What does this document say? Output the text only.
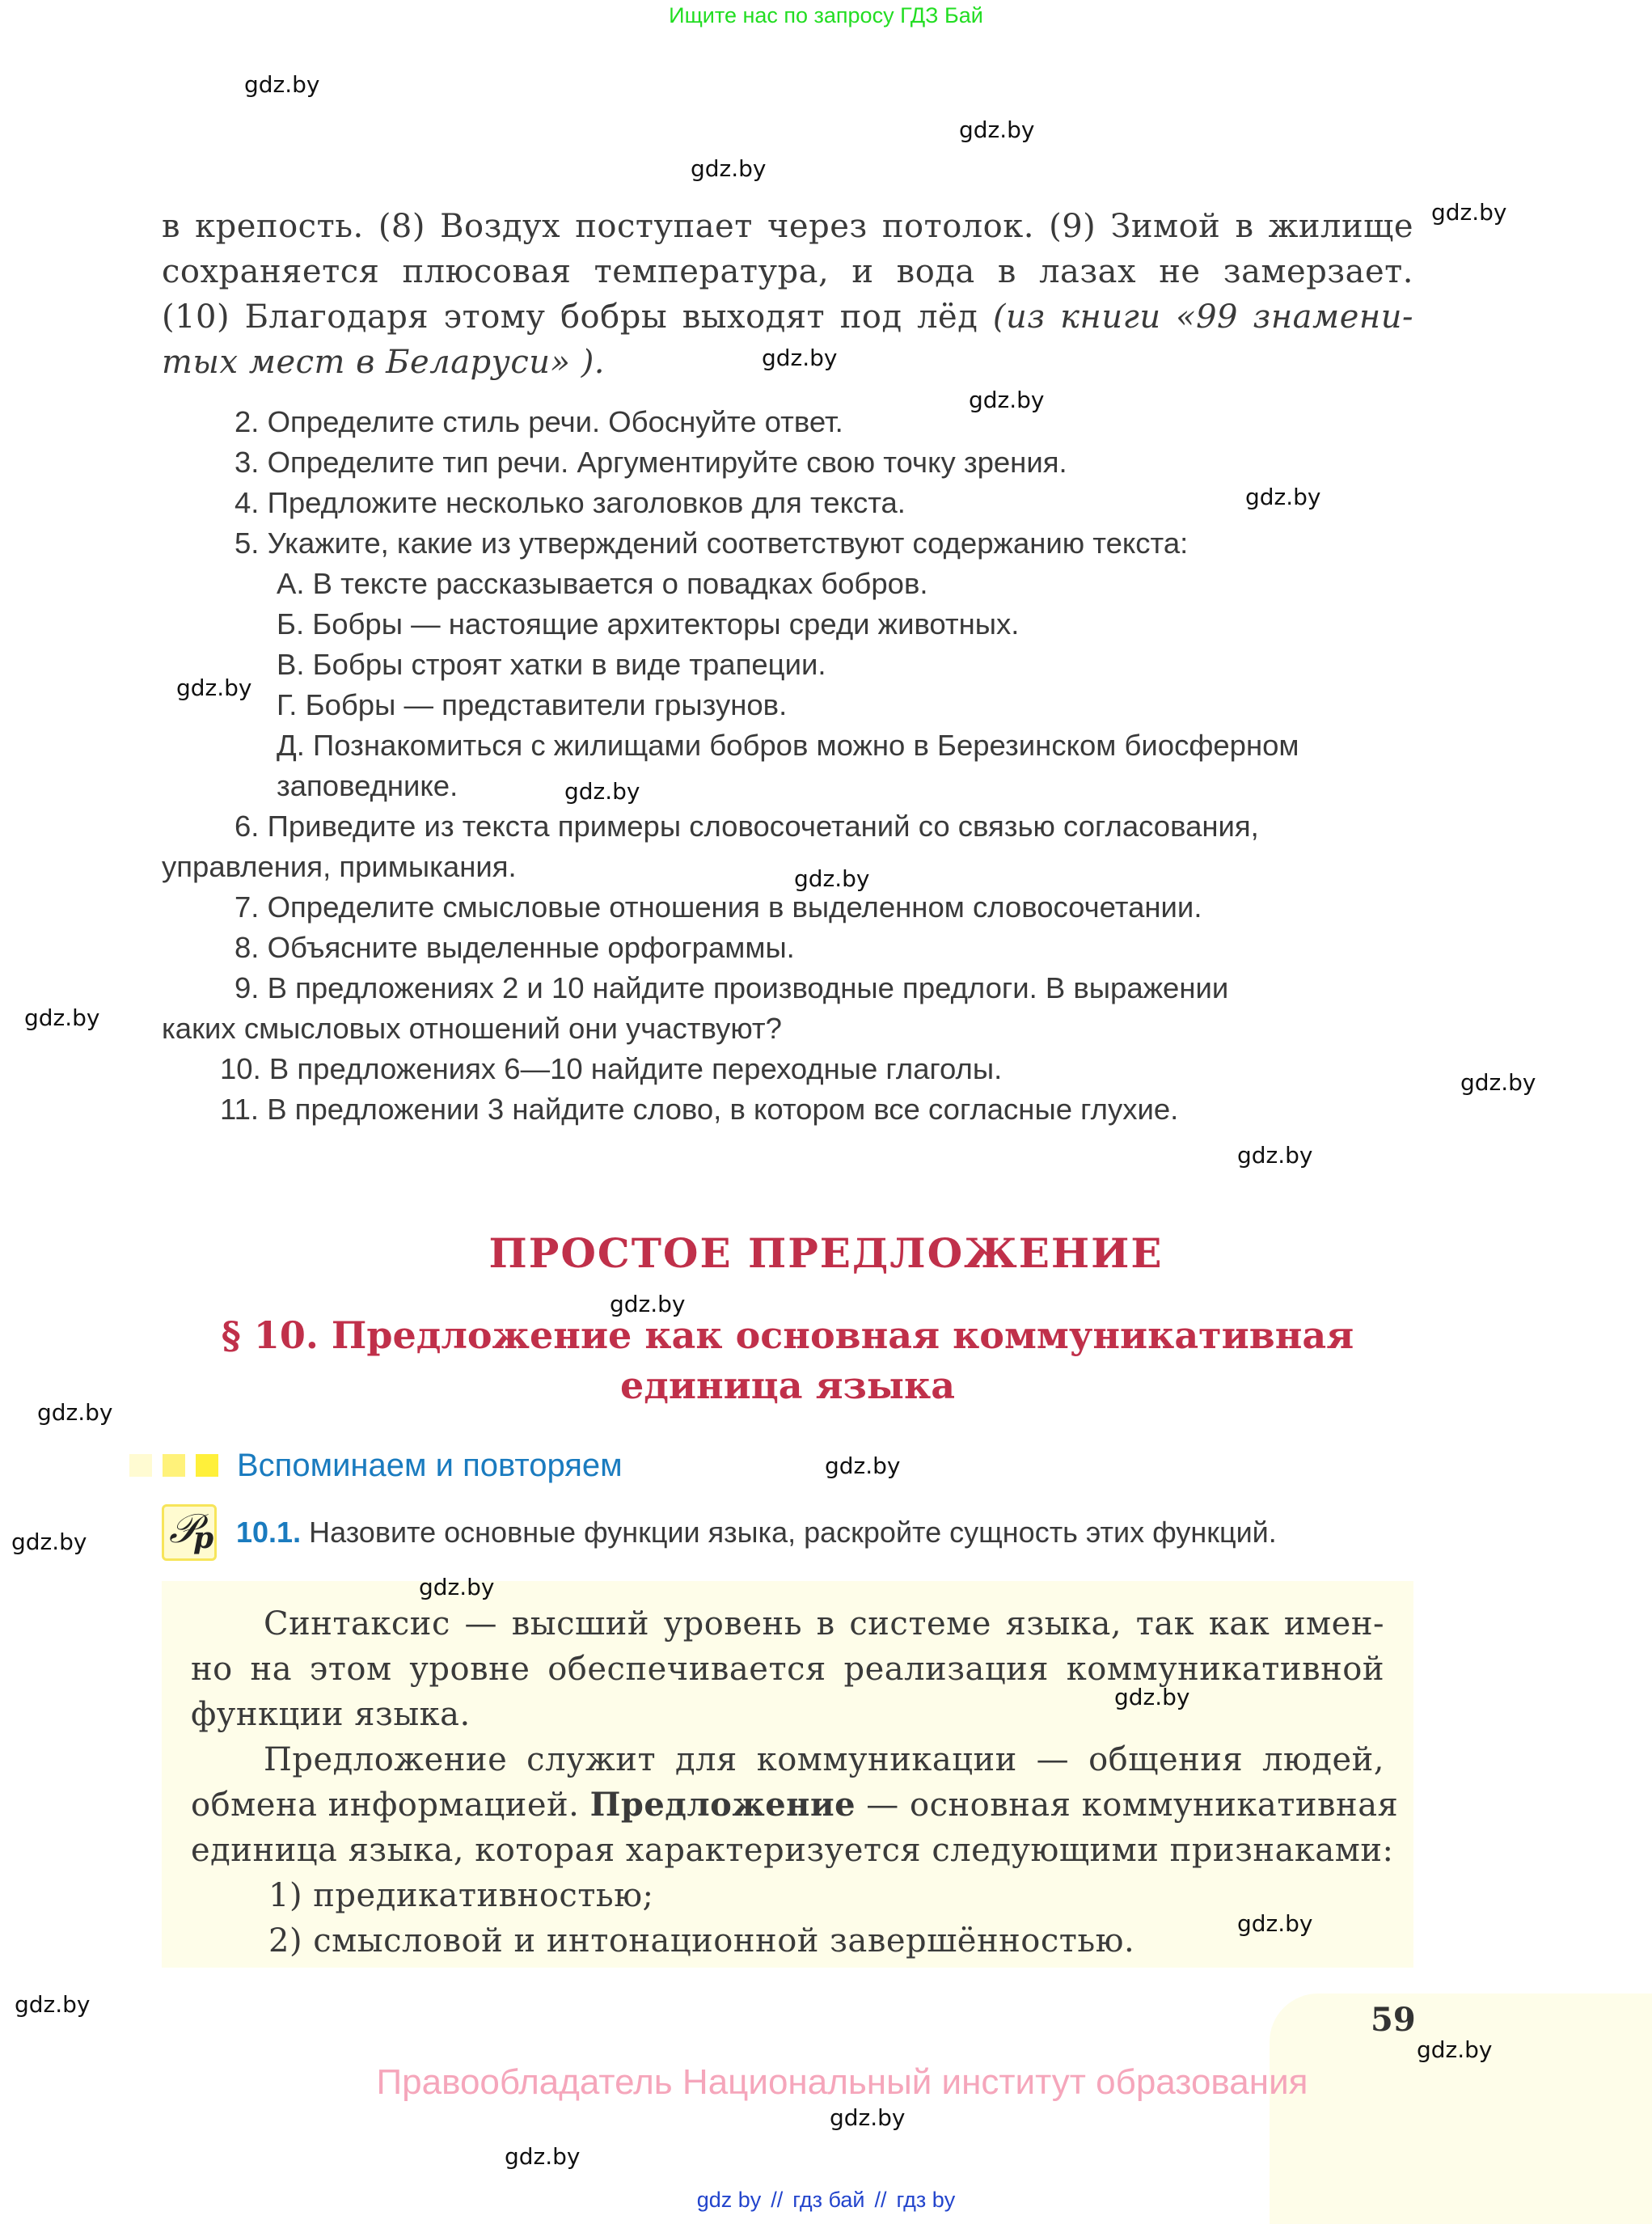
Ищите нас по запросу ГДЗ Бай
gdz.by
gdz.by
gdz.by
gdz.by
gdz.by
gdz.by
gdz.by
gdz.by
gdz.by
gdz.by
gdz.by
gdz.by
gdz.by
gdz.by
gdz.by
gdz.by
gdz.by
gdz.by
gdz.by
gdz.by
gdz.by
gdz.by
gdz.by
gdz.by
в крепость. (8) Воздух поступает через потолок. (9) Зимой в жилище
сохраняется плюсовая температура, и вода в лазах не замерзает.
(10) Благодаря этому бобры выходят под лёд (из книги «99 знамени-
тых мест в Беларуси» ).
2. Определите стиль речи. Обоснуйте ответ.
3. Определите тип речи. Аргументируйте свою точку зрения.
4. Предложите несколько заголовков для текста.
5. Укажите, какие из утверждений соответствуют содержанию текста:
А. В тексте рассказывается о повадках бобров.
Б. Бобры — настоящие архитекторы среди животных.
В. Бобры строят хатки в виде трапеции.
Г. Бобры — представители грызунов.
Д. Познакомиться с жилищами бобров можно в Березинском биосферном
заповеднике.
6. Приведите из текста примеры словосочетаний со связью согласования,
управления, примыкания.
7. Определите смысловые отношения в выделенном словосочетании.
8. Объясните выделенные орфограммы.
9. В предложениях 2 и 10 найдите производные предлоги. В выражении
каких смысловых отношений они участвуют?
10. В предложениях 6—10 найдите переходные глаголы.
11. В предложении 3 найдите слово, в котором все согласные глухие.
ПРОСТОЕ ПРЕДЛОЖЕНИЕ
§ 10. Предложение как основная коммуникативная
единица языка
Вспоминаем и повторяем
𝒫
p 10.1. Назовите основные функции языка, раскройте сущность этих функций.
Синтаксис — высший уровень в системе языка, так как имен-
но на этом уровне обеспечивается реализация коммуникативной
функции языка.
Предложение служит для коммуникации — общения людей,
обмена информацией. Предложение — основная коммуникативная
единица языка, которая характеризуется следующими признаками:
1) предикативностью;
2) смысловой и интонационной завершённостью.
59
Правообладатель Национальный институт образования
gdz by // гдз бай // гдз by
